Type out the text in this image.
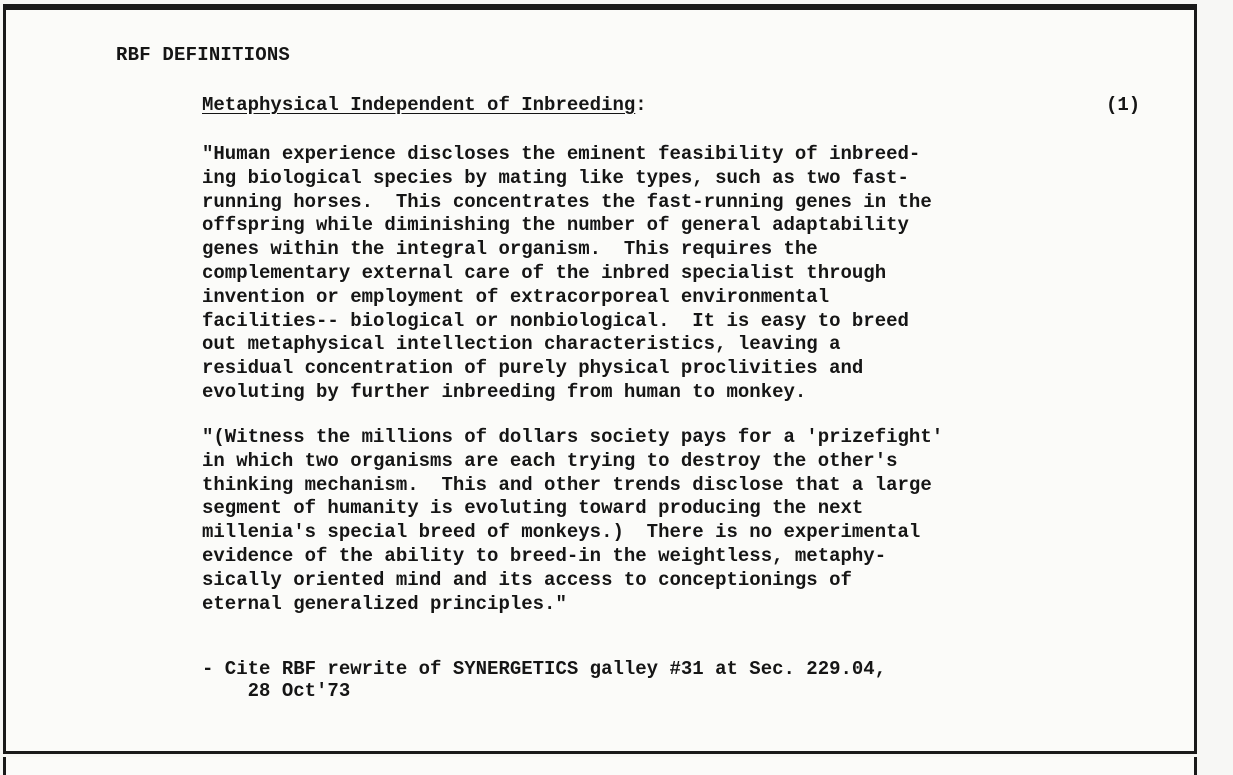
RBF DEFINITIONS
Metaphysical Independent of Inbreeding:	(1)

"Human experience discloses the eminent feasibility of inbreed-
ing biological species by mating like types, such as two fast-
running horses.  This concentrates the fast-running genes in the
offspring while diminishing the number of general adaptability
genes within the integral organism.  This requires the
complementary external care of the inbred specialist through
invention or employment of extracorporeal environmental
facilities-- biological or nonbiological.  It is easy to breed
out metaphysical intellection characteristics, leaving a
residual concentration of purely physical proclivities and
evoluting by further inbreeding from human to monkey.

"(Witness the millions of dollars society pays for a 'prizefight'
in which two organisms are each trying to destroy the other's
thinking mechanism.  This and other trends disclose that a large
segment of humanity is evoluting toward producing the next
millenia's special breed of monkeys.)  There is no experimental
evidence of the ability to breed-in the weightless, metaphy-
sically oriented mind and its access to conceptionings of
eternal generalized principles."

- Cite RBF rewrite of SYNERGETICS galley #31 at Sec. 229.04,
28 Oct'73
